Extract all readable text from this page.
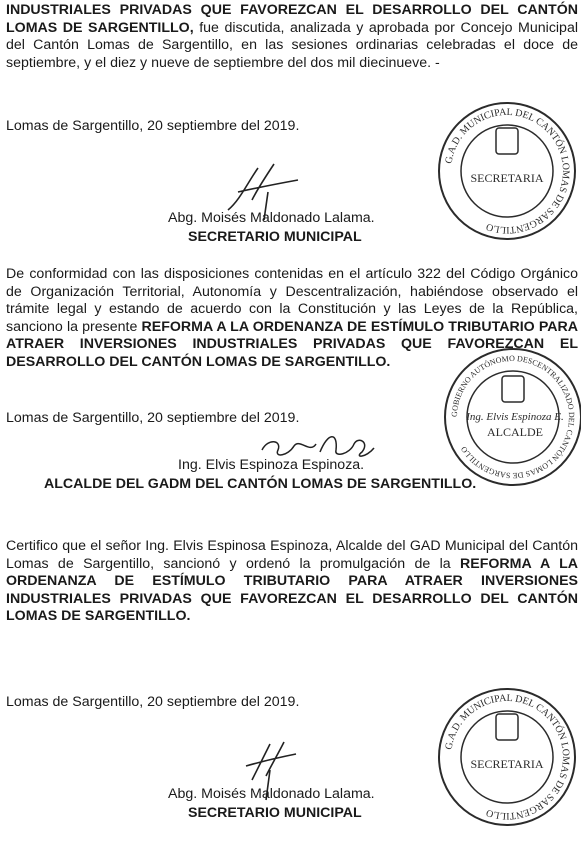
INDUSTRIALES PRIVADAS QUE FAVOREZCAN EL DESARROLLO DEL CANTÓN LOMAS DE SARGENTILLO, fue discutida, analizada y aprobada por Concejo Municipal del Cantón Lomas de Sargentillo, en las sesiones ordinarias celebradas el doce de septiembre, y el diez y nueve de septiembre del dos mil diecinueve. -

Lomas de Sargentillo, 20 septiembre del 2019.

Abg. Moisés Maldonado Lalama.

SECRETARIO MUNICIPAL

G.A.D. MUNICIPAL DEL CANTÓN LOMAS DE SARGENTILLO
SECRETARIA

De conformidad con las disposiciones contenidas en el artículo 322 del Código Orgánico de Organización Territorial, Autonomía y Descentralización, habiéndose observado el trámite legal y estando de acuerdo con la Constitución y las Leyes de la República, sanciono la presente REFORMA A LA ORDENANZA DE ESTÍMULO TRIBUTARIO PARA ATRAER INVERSIONES INDUSTRIALES PRIVADAS QUE FAVOREZCAN EL DESARROLLO DEL CANTÓN LOMAS DE SARGENTILLO.

Lomas de Sargentillo, 20 septiembre del 2019.

Ing. Elvis Espinoza Espinoza.

ALCALDE DEL GADM DEL CANTÓN LOMAS DE SARGENTILLO.

GOBIERNO AUTÓNOMO DESCENTRALIZADO DEL CANTÓN LOMAS DE SARGENTILLO
Ing. Elvis Espinoza E.
ALCALDE

Certifico que el señor Ing. Elvis Espinosa Espinoza, Alcalde del GAD Municipal del Cantón Lomas de Sargentillo, sancionó y ordenó la promulgación de la REFORMA A LA ORDENANZA DE ESTÍMULO TRIBUTARIO PARA ATRAER INVERSIONES INDUSTRIALES PRIVADAS QUE FAVOREZCAN EL DESARROLLO DEL CANTÓN LOMAS DE SARGENTILLO.

Lomas de Sargentillo, 20 septiembre del 2019.

Abg. Moisés Maldonado Lalama.

SECRETARIO MUNICIPAL

G.A.D. MUNICIPAL DEL CANTÓN LOMAS DE SARGENTILLO
SECRETARIA
